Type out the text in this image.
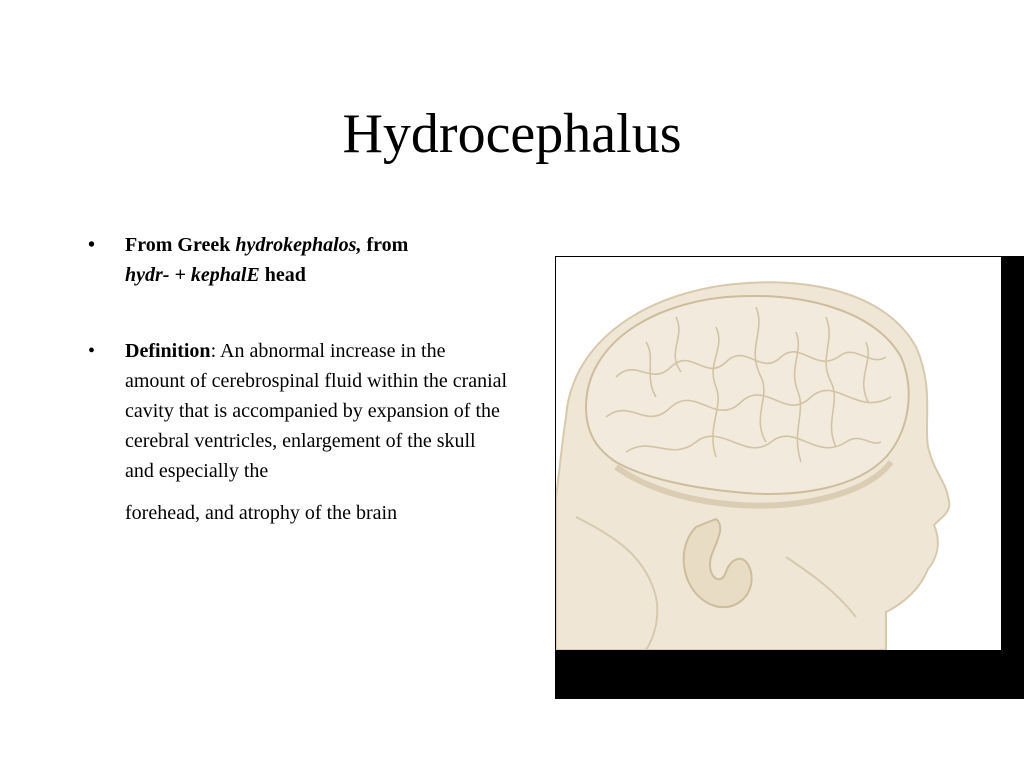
Hydrocephalus
• From Greek hydrokephalos, from
hydr- + kephalE head
• Definition: An abnormal increase in the amount of cerebrospinal fluid within the cranial cavity that is accompanied by expansion of the cerebral ventricles, enlargement of the skull and especially the
forehead, and atrophy of the brain
